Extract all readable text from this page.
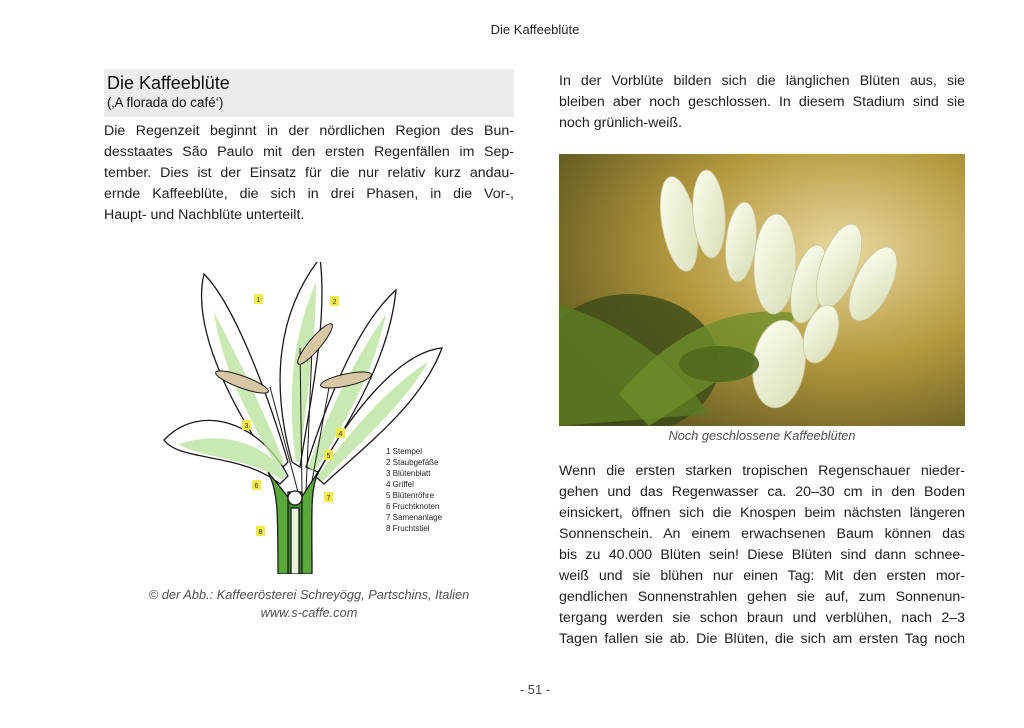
Die Kaffeeblüte
Die Kaffeeblüte
(‚A florada do café‘)

Die Regenzeit beginnt in der nördlichen Region des Bun-
desstaates São Paulo mit den ersten Regenfällen im Sep-
tember. Dies ist der Einsatz für die nur relativ kurz andau-
ernde Kaffeeblüte, die sich in drei Phasen, in die Vor-,
Haupt- und Nachblüte unterteilt.

1	2
3
4
5
6
7
8
1 Stempel
2 Staubgefäße
3 Blütenblatt
4 Griffel
5 Blütenröhre
6 Fruchtknoten
7 Samenanlage
8 Fruchtstiel
© der Abb.: Kaffeerösterei Schreyögg, Partschins, Italien
www.s-caffe.com

In der Vorblüte bilden sich die länglichen Blüten aus, sie
bleiben aber noch geschlossen. In diesem Stadium sind sie
noch grünlich-weiß.

Noch geschlossene Kaffeeblüten

Wenn die ersten starken tropischen Regenschauer nieder-
gehen und das Regenwasser ca. 20–30 cm in den Boden
einsickert, öffnen sich die Knospen beim nächsten längeren
Sonnenschein. An einem erwachsenen Baum können das
bis zu 40.000 Blüten sein! Diese Blüten sind dann schnee-
weiß und sie blühen nur einen Tag: Mit den ersten mor-
gendlichen Sonnenstrahlen gehen sie auf, zum Sonnenun-
tergang werden sie schon braun und verblühen, nach 2–3
Tagen fallen sie ab. Die Blüten, die sich am ersten Tag noch

- 51 -
